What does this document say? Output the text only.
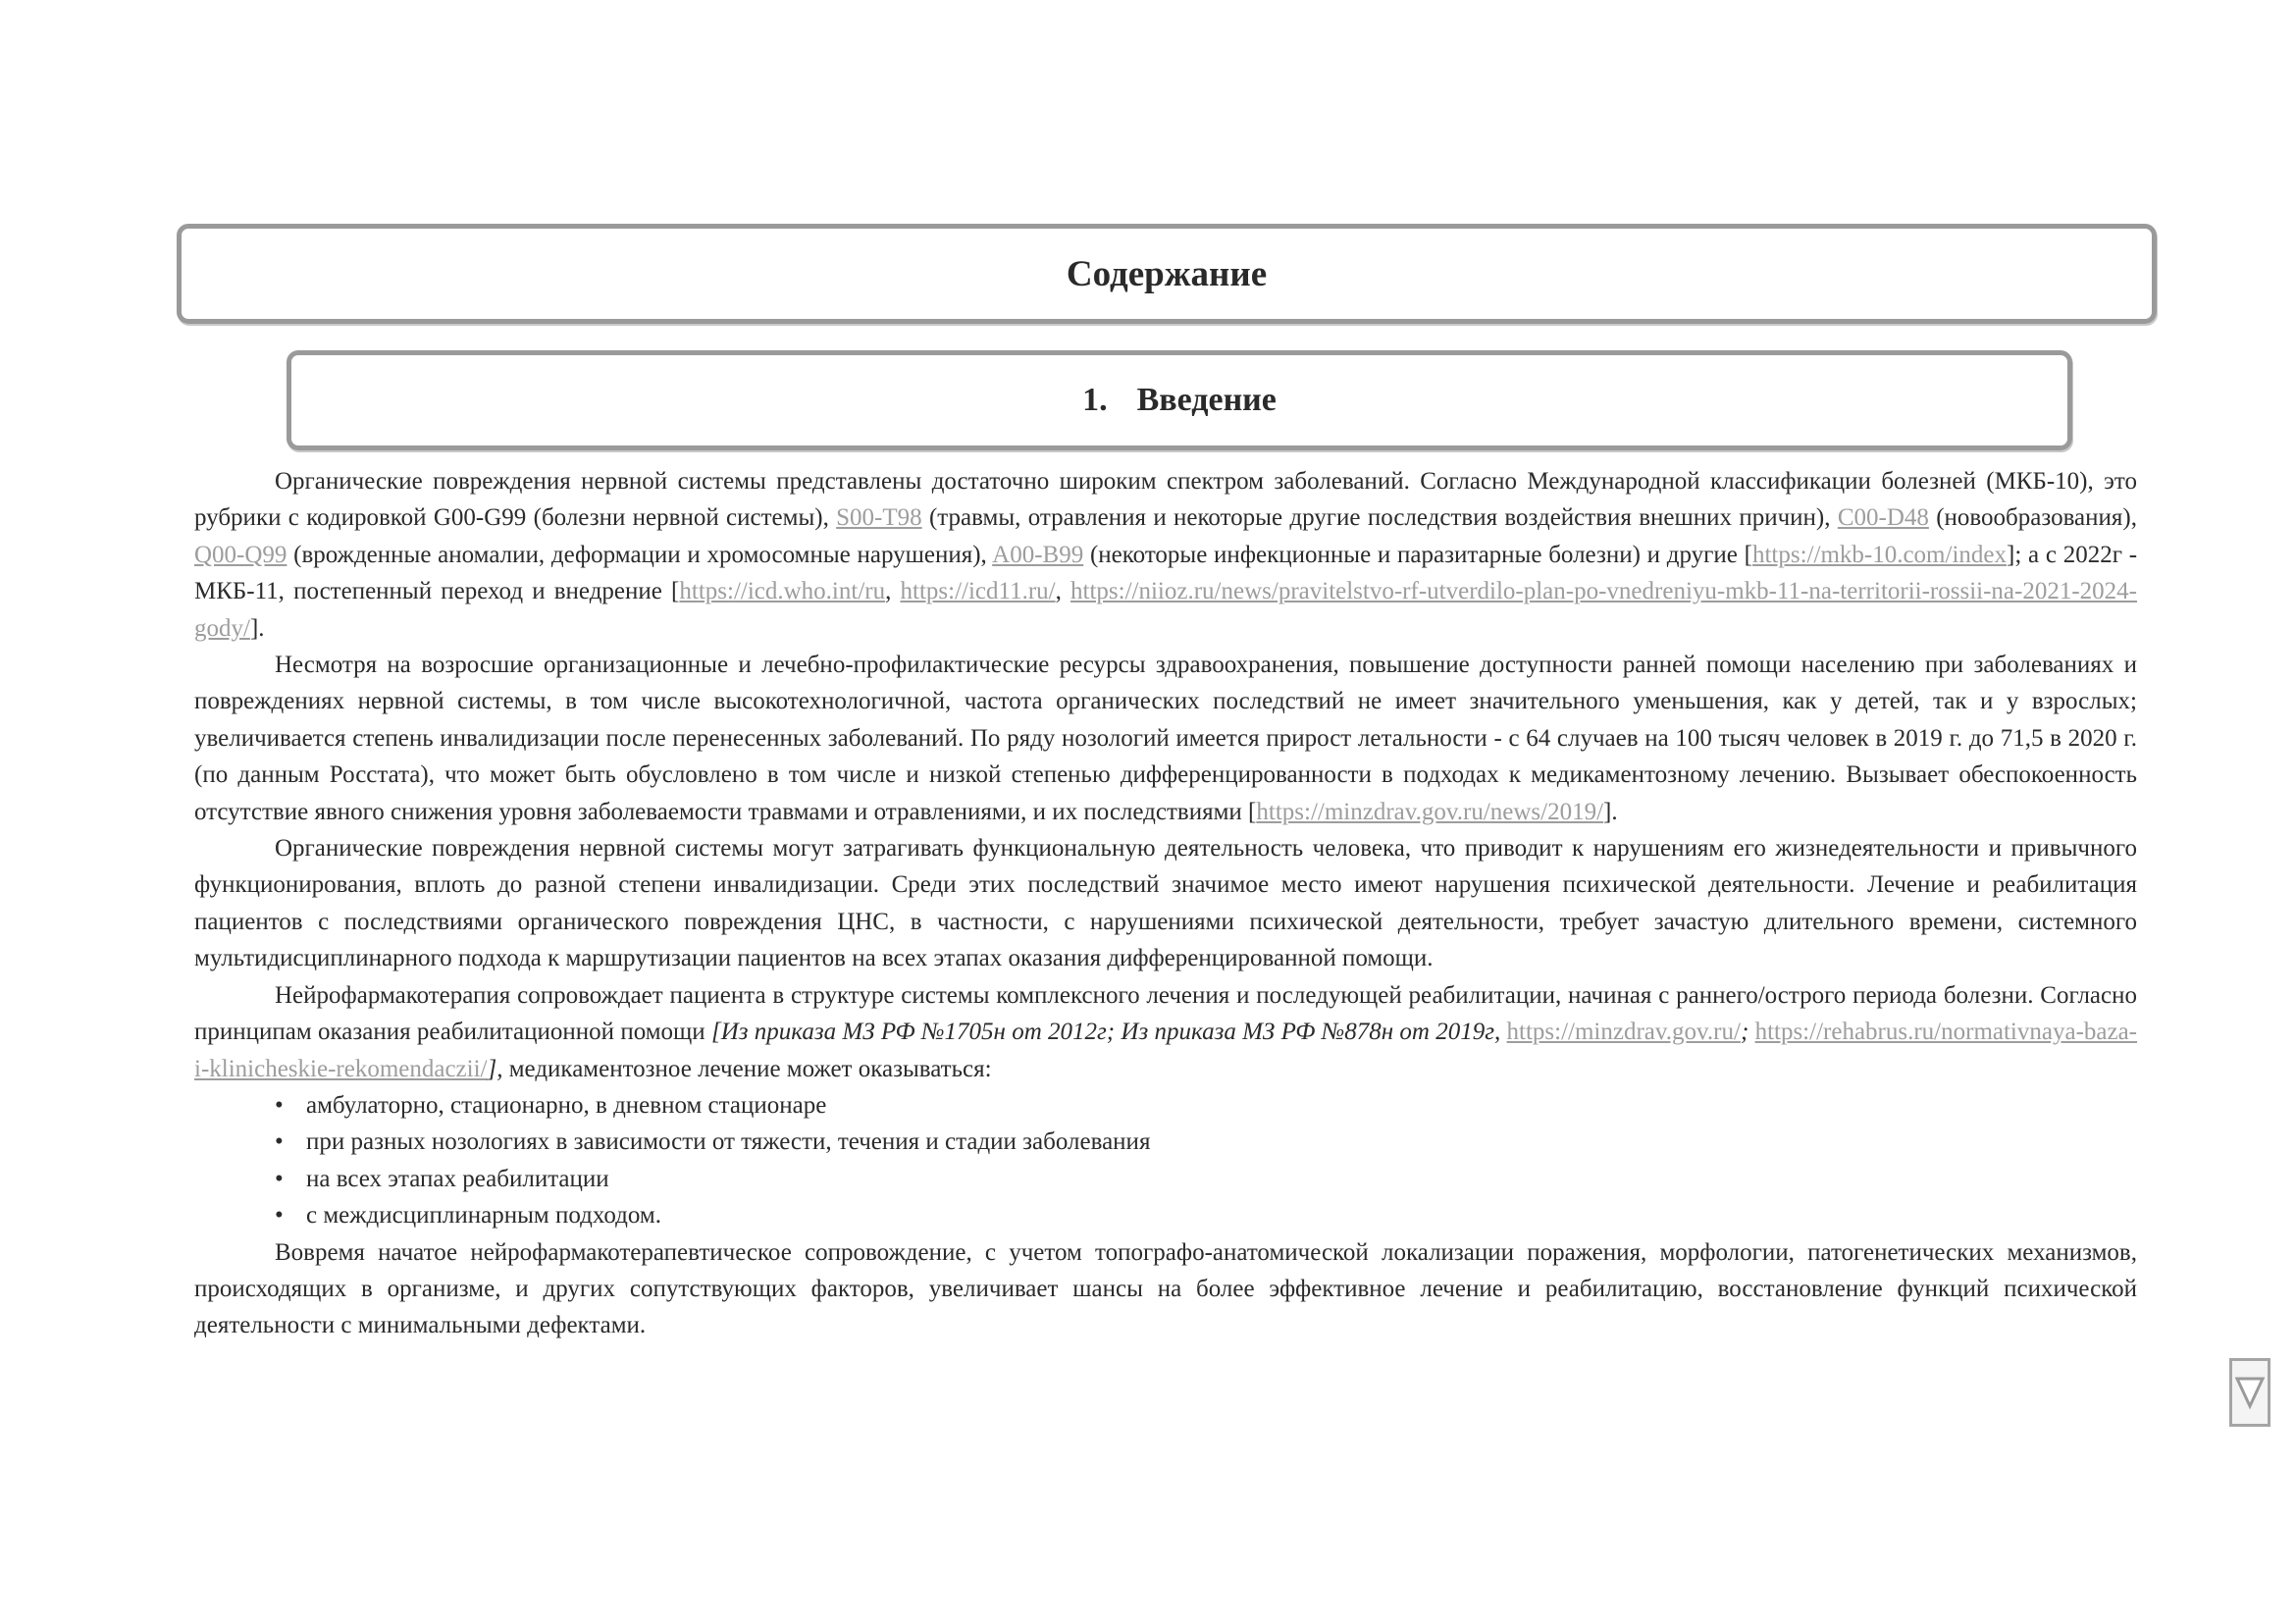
Содержание
1. Введение

Органические повреждения нервной системы представлены достаточно широким спектром заболеваний. Согласно Международной классификации болезней (МКБ-10), это рубрики с кодировкой G00-G99 (болезни нервной системы), S00-T98 (травмы, отравления и некоторые другие последствия воздействия внешних причин), C00-D48 (новообразования), Q00-Q99 (врожденные аномалии, деформации и хромосомные нарушения), A00-B99 (некоторые инфекционные и паразитарные болезни) и другие [https://mkb-10.com/index]; а с 2022г - МКБ-11, постепенный переход и внедрение [https://icd.who.int/ru, https://icd11.ru/, https://niioz.ru/news/pravitelstvo-rf-utverdilo-plan-po-vnedreniyu-mkb-11-na-territorii-rossii-na-2021-2024-gody/].

Несмотря на возросшие организационные и лечебно-профилактические ресурсы здравоохранения, повышение доступности ранней помощи населению при заболеваниях и повреждениях нервной системы, в том числе высокотехнологичной, частота органических последствий не имеет значительного уменьшения, как у детей, так и у взрослых; увеличивается степень инвалидизации после перенесенных заболеваний. По ряду нозологий имеется прирост летальности - с 64 случаев на 100 тысяч человек в 2019 г. до 71,5 в 2020 г. (по данным Росстата), что может быть обусловлено в том числе и низкой степенью дифференцированности в подходах к медикаментозному лечению. Вызывает обеспокоенность отсутствие явного снижения уровня заболеваемости травмами и отравлениями, и их последствиями [https://minzdrav.gov.ru/news/2019/].

Органические повреждения нервной системы могут затрагивать функциональную деятельность человека, что приводит к нарушениям его жизнедеятельности и привычного функционирования, вплоть до разной степени инвалидизации. Среди этих последствий значимое место имеют нарушения психической деятельности. Лечение и реабилитация пациентов с последствиями органического повреждения ЦНС, в частности, с нарушениями психической деятельности, требует зачастую длительного времени, системного мультидисциплинарного подхода к маршрутизации пациентов на всех этапах оказания дифференцированной помощи.

Нейрофармакотерапия сопровождает пациента в структуре системы комплексного лечения и последующей реабилитации, начиная с раннего/острого периода болезни. Согласно принципам оказания реабилитационной помощи [Из приказа МЗ РФ №1705н от 2012г; Из приказа МЗ РФ №878н от 2019г, https://minzdrav.gov.ru/; https://rehabrus.ru/normativnaya-baza-i-klinicheskie-rekomendaczii/], медикаментозное лечение может оказываться:

• амбулаторно, стационарно, в дневном стационаре
• при разных нозологиях в зависимости от тяжести, течения и стадии заболевания
• на всех этапах реабилитации
• с междисциплинарным подходом.

Вовремя начатое нейрофармакотерапевтическое сопровождение, с учетом топографо-анатомической локализации поражения, морфологии, патогенетических механизмов, происходящих в организме, и других сопутствующих факторов, увеличивает шансы на более эффективное лечение и реабилитацию, восстановление функций психической деятельности с минимальными дефектами.
